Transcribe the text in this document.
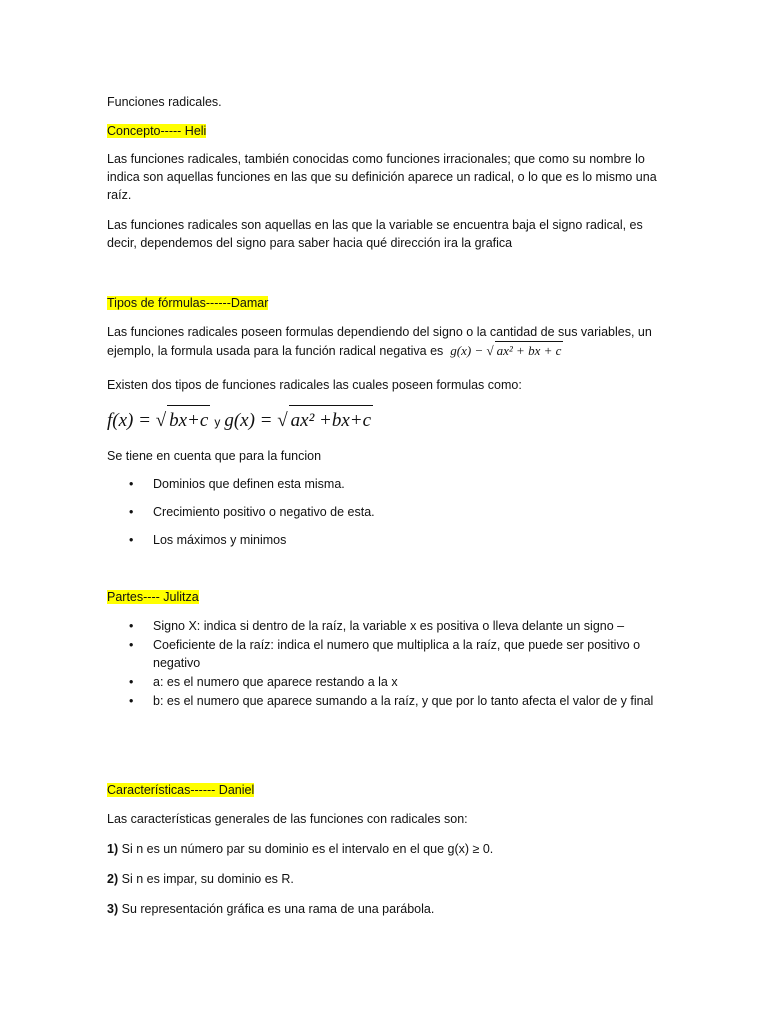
Funciones radicales.

Concepto----- Heli

Las funciones radicales, también conocidas como funciones irracionales; que como su nombre lo indica son aquellas funciones en las que su definición aparece un radical, o lo que es lo mismo una raíz.

Las funciones radicales son aquellas en las que la variable se encuentra baja el signo radical, es decir, dependemos del signo para saber hacia qué dirección ira la grafica

Tipos de fórmulas------Damar

Las funciones radicales poseen formulas dependiendo del signo o la cantidad de sus variables, un ejemplo, la formula usada para la función radical negativa es g(x) − √ ax² + bx + c

Existen dos tipos de funciones radicales las cuales poseen formulas como:

f(x) = √ bx+c y g(x) = √ ax² +bx+c

Se tiene en cuenta que para la funcion

• Dominios que definen esta misma.
• Crecimiento positivo o negativo de esta.
• Los máximos y minimos

Partes---- Julitza

• Signo X: indica si dentro de la raíz, la variable x es positiva o lleva delante un signo –
• Coeficiente de la raíz: indica el numero que multiplica a la raíz, que puede ser positivo o negativo
• a: es el numero que aparece restando a la x
• b: es el numero que aparece sumando a la raíz, y que por lo tanto afecta el valor de y final

Características------ Daniel

Las características generales de las funciones con radicales son:

1) Si n es un número par su dominio es el intervalo en el que g(x) ≥ 0.

2) Si n es impar, su dominio es R.

3) Su representación gráfica es una rama de una parábola.
